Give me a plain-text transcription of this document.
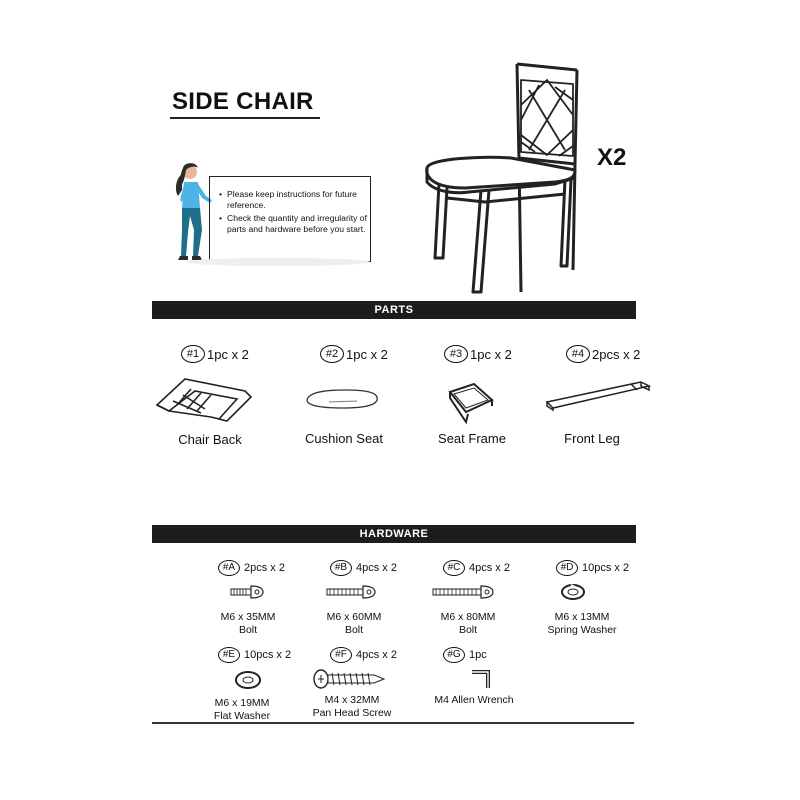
SIDE CHAIR
• Please keep instructions for future reference.
• Check the quantity and irregularity of parts and hardware before you start.
X2
PARTS
#1 1pc x 2	#2 1pc x 2	#3 1pc x 2	#4 2pcs x 2
Chair Back	Cushion Seat	Seat Frame	Front Leg
HARDWARE
#A 2pcs x 2	#B 4pcs x 2	#C 4pcs x 2	#D 10pcs x 2
M6 x 35MM
Bolt
M6 x 60MM
Bolt
M6 x 80MM
Bolt
M6 x 13MM
Spring Washer
#E 10pcs x 2	#F 4pcs x 2	#G 1pc
M6 x 19MM
Flat Washer
M4 x 32MM
Pan Head Screw
M4 Allen Wrench
